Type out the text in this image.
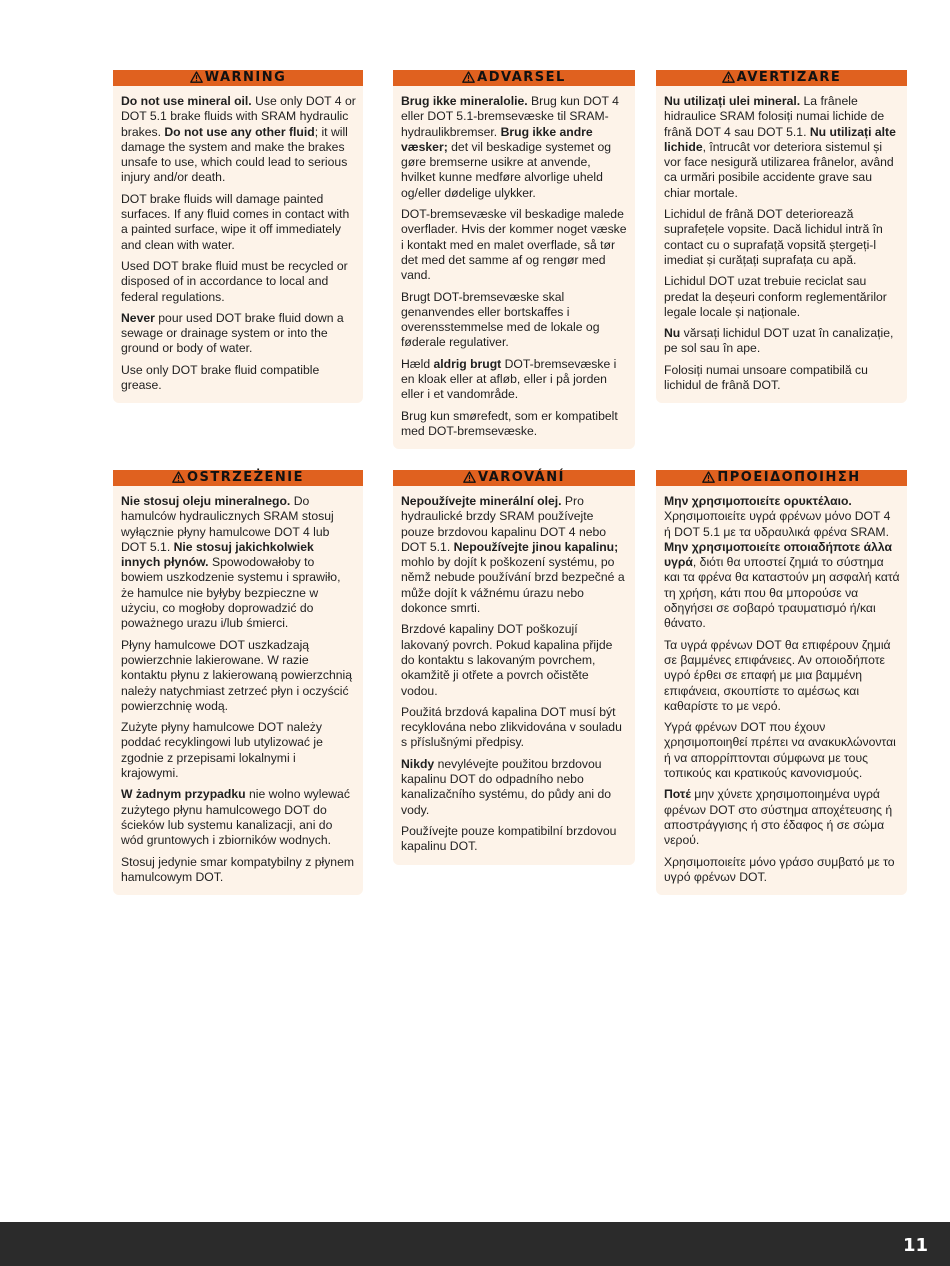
WARNING

Do not use mineral oil. Use only DOT 4 or DOT 5.1 brake fluids with SRAM hydraulic brakes. Do not use any other fluid; it will damage the system and make the brakes unsafe to use, which could lead to serious injury and/or death.

DOT brake fluids will damage painted surfaces. If any fluid comes in contact with a painted surface, wipe it off immediately and clean with water.

Used DOT brake fluid must be recycled or disposed of in accordance to local and federal regulations.

Never pour used DOT brake fluid down a sewage or drainage system or into the ground or body of water.

Use only DOT brake fluid compatible grease.

ADVARSEL

Brug ikke mineralolie. Brug kun DOT 4 eller DOT 5.1-bremsevæske til SRAM-hydraulikbremser. Brug ikke andre væsker; det vil beskadige systemet og gøre bremserne usikre at anvende, hvilket kunne medføre alvorlige uheld og/eller dødelige ulykker.

DOT-bremsevæske vil beskadige malede overflader. Hvis der kommer noget væske i kontakt med en malet overflade, så tør det med det samme af og rengør med vand.

Brugt DOT-bremsevæske skal genanvendes eller bortskaffes i overensstemmelse med de lokale og føderale regulativer.

Hæld aldrig brugt DOT-bremsevæske i en kloak eller at afløb, eller i på jorden eller i et vandområde.

Brug kun smørefedt, som er kompatibelt med DOT-bremsevæske.

AVERTIZARE

Nu utilizați ulei mineral. La frânele hidraulice SRAM folosiți numai lichide de frână DOT 4 sau DOT 5.1. Nu utilizați alte lichide, întrucât vor deteriora sistemul și vor face nesigură utilizarea frânelor, având ca urmări posibile accidente grave sau chiar mortale.

Lichidul de frână DOT deteriorează suprafețele vopsite. Dacă lichidul intră în contact cu o suprafață vopsită ștergeți-l imediat și curățați suprafața cu apă.

Lichidul DOT uzat trebuie reciclat sau predat la deșeuri conform reglementărilor legale locale și naționale.

Nu vărsați lichidul DOT uzat în canalizație, pe sol sau în ape.

Folosiți numai unsoare compatibilă cu lichidul de frână DOT.

OSTRZEŻENIE

Nie stosuj oleju mineralnego. Do hamulców hydraulicznych SRAM stosuj wyłącznie płyny hamulcowe DOT 4 lub DOT 5.1. Nie stosuj jakichkolwiek innych płynów. Spowodowałoby to bowiem uszkodzenie systemu i sprawiło, że hamulce nie byłyby bezpieczne w użyciu, co mogłoby doprowadzić do poważnego urazu i/lub śmierci.

Płyny hamulcowe DOT uszkadzają powierzchnie lakierowane. W razie kontaktu płynu z lakierowaną powierzchnią należy natychmiast zetrzeć płyn i oczyścić powierzchnię wodą.

Zużyte płyny hamulcowe DOT należy poddać recyklingowi lub utylizować je zgodnie z przepisami lokalnymi i krajowymi.

W żadnym przypadku nie wolno wylewać zużytego płynu hamulcowego DOT do ścieków lub systemu kanalizacji, ani do wód gruntowych i zbiorników wodnych.

Stosuj jedynie smar kompatybilny z płynem hamulcowym DOT.

VAROVÁNÍ

Nepoužívejte minerální olej. Pro hydraulické brzdy SRAM používejte pouze brzdovou kapalinu DOT 4 nebo DOT 5.1. Nepoužívejte jinou kapalinu; mohlo by dojít k poškození systému, po němž nebude používání brzd bezpečné a může dojít k vážnému úrazu nebo dokonce smrti.

Brzdové kapaliny DOT poškozují lakovaný povrch. Pokud kapalina přijde do kontaktu s lakovaným povrchem, okamžitě ji otřete a povrch očistěte vodou.

Použitá brzdová kapalina DOT musí být recyklována nebo zlikvidována v souladu s příslušnými předpisy.

Nikdy nevylévejte použitou brzdovou kapalinu DOT do odpadního nebo kanalizačního systému, do půdy ani do vody.

Používejte pouze kompatibilní brzdovou kapalinu DOT.

ΠΡΟΕΙΔΟΠΟΙΗΣΗ

Μην χρησιμοποιείτε ορυκτέλαιο. Χρησιμοποιείτε υγρά φρένων μόνο DOT 4 ή DOT 5.1 με τα υδραυλικά φρένα SRAM. Μην χρησιμοποιείτε οποιαδήποτε άλλα υγρά, διότι θα υποστεί ζημιά το σύστημα και τα φρένα θα καταστούν μη ασφαλή κατά τη χρήση, κάτι που θα μπορούσε να οδηγήσει σε σοβαρό τραυματισμό ή/και θάνατο.

Τα υγρά φρένων DOT θα επιφέρουν ζημιά σε βαμμένες επιφάνειες. Αν οποιοδήποτε υγρό έρθει σε επαφή με μια βαμμένη επιφάνεια, σκουπίστε το αμέσως και καθαρίστε το με νερό.

Υγρά φρένων DOT που έχουν χρησιμοποιηθεί πρέπει να ανακυκλώνονται ή να απορρίπτονται σύμφωνα με τους τοπικούς και κρατικούς κανονισμούς.

Ποτέ μην χύνετε χρησιμοποιημένα υγρά φρένων DOT στο σύστημα αποχέτευσης ή αποστράγγισης ή στο έδαφος ή σε σώμα νερού.

Χρησιμοποιείτε μόνο γράσο συμβατό με το υγρό φρένων DOT.

11
